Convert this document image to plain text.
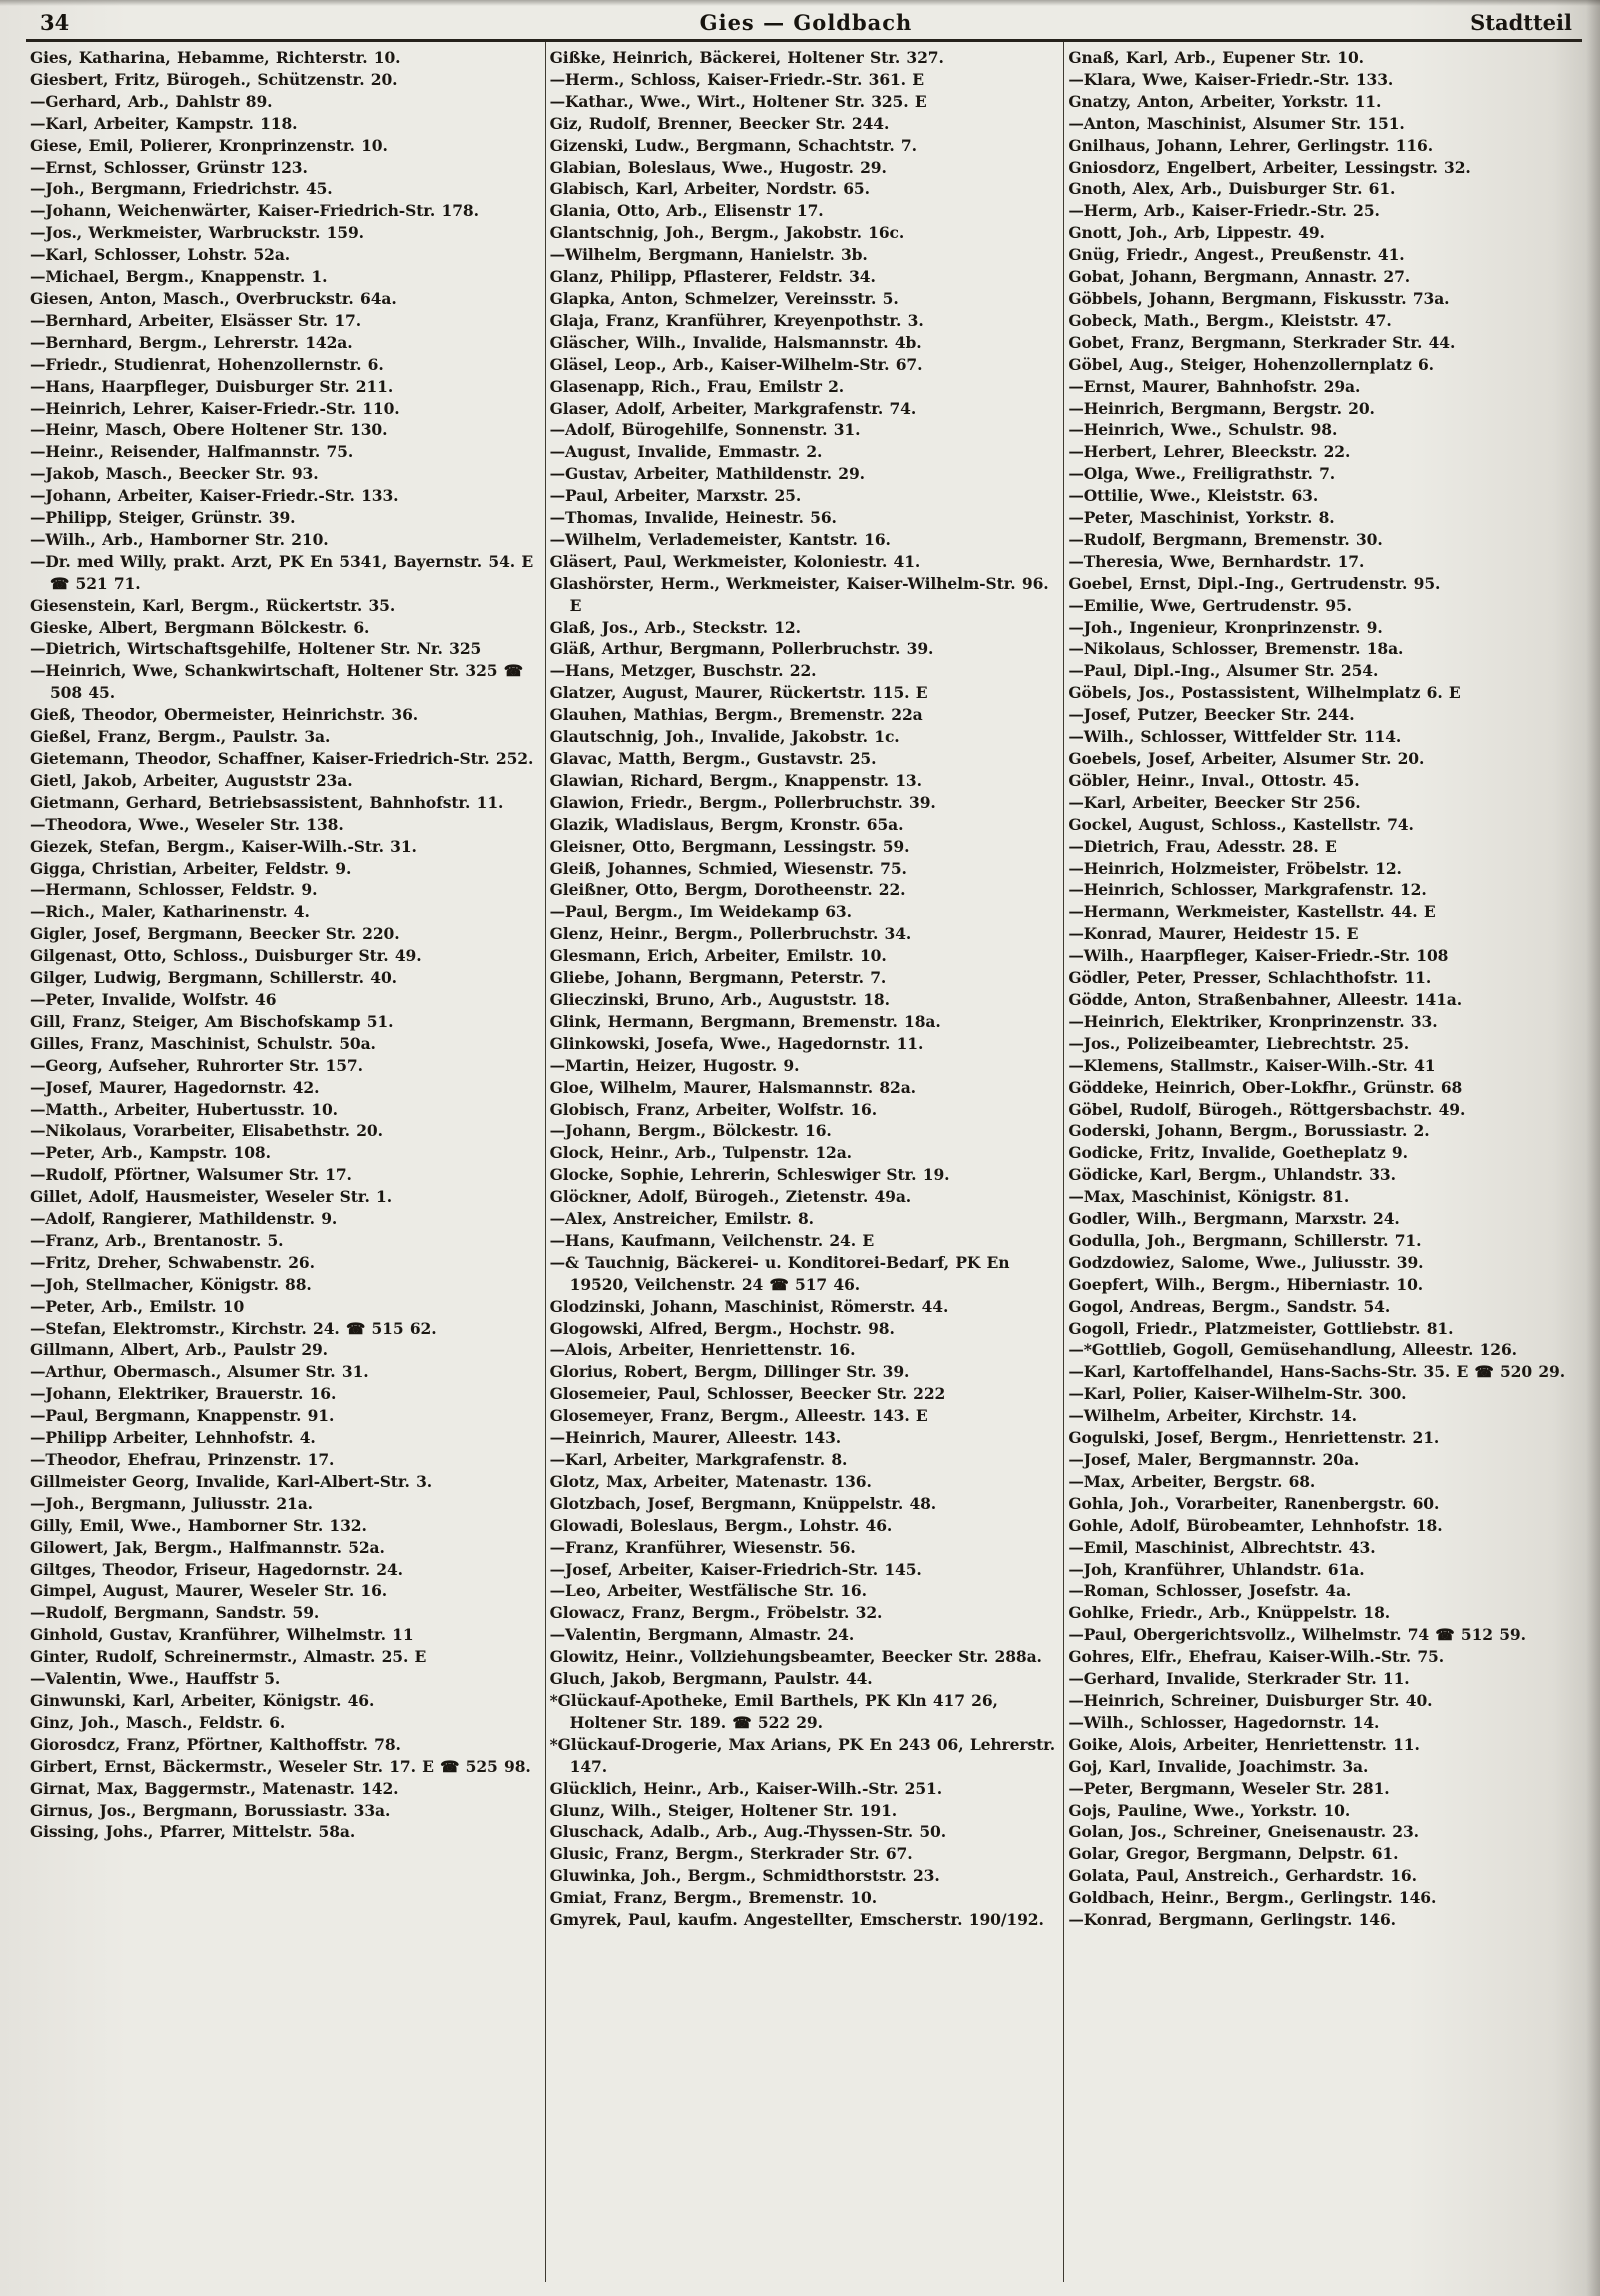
34	Gies — Goldbach	Stadtteil
Gies, Katharina, Hebamme, Richterstr. 10.
Giesbert, Fritz, Bürogeh., Schützenstr. 20.
—Gerhard, Arb., Dahlstr 89.
—Karl, Arbeiter, Kampstr. 118.
Giese, Emil, Polierer, Kronprinzenstr. 10.
—Ernst, Schlosser, Grünstr 123.
—Joh., Bergmann, Friedrichstr. 45.
—Johann, Weichenwärter, Kaiser-Friedrich-Str. 178.
—Jos., Werkmeister, Warbruckstr. 159.
—Karl, Schlosser, Lohstr. 52a.
—Michael, Bergm., Knappenstr. 1.
Giesen, Anton, Masch., Overbruckstr. 64a.
—Bernhard, Arbeiter, Elsässer Str. 17.
—Bernhard, Bergm., Lehrerstr. 142a.
—Friedr., Studienrat, Hohenzollernstr. 6.
—Hans, Haarpfleger, Duisburger Str. 211.
—Heinrich, Lehrer, Kaiser-Friedr.-Str. 110.
—Heinr, Masch, Obere Holtener Str. 130.
—Heinr., Reisender, Halfmannstr. 75.
—Jakob, Masch., Beecker Str. 93.
—Johann, Arbeiter, Kaiser-Friedr.-Str. 133.
—Philipp, Steiger, Grünstr. 39.
—Wilh., Arb., Hamborner Str. 210.
—Dr. med Willy, prakt. Arzt, PK En 5341, Bayernstr. 54. E ☎ 521 71.
Giesenstein, Karl, Bergm., Rückertstr. 35.
Gieske, Albert, Bergmann Bölckestr. 6.
—Dietrich, Wirtschaftsgehilfe, Holtener Str. Nr. 325
—Heinrich, Wwe, Schankwirtschaft, Holtener Str. 325 ☎ 508 45.
Gieß, Theodor, Obermeister, Heinrichstr. 36.
Gießel, Franz, Bergm., Paulstr. 3a.
Gietemann, Theodor, Schaffner, Kaiser-Friedrich-Str. 252.
Gietl, Jakob, Arbeiter, Auguststr 23a.
Gietmann, Gerhard, Betriebsassistent, Bahnhofstr. 11.
—Theodora, Wwe., Weseler Str. 138.
Giezek, Stefan, Bergm., Kaiser-Wilh.-Str. 31.
Gigga, Christian, Arbeiter, Feldstr. 9.
—Hermann, Schlosser, Feldstr. 9.
—Rich., Maler, Katharinenstr. 4.
Gigler, Josef, Bergmann, Beecker Str. 220.
Gilgenast, Otto, Schloss., Duisburger Str. 49.
Gilger, Ludwig, Bergmann, Schillerstr. 40.
—Peter, Invalide, Wolfstr. 46
Gill, Franz, Steiger, Am Bischofskamp 51.
Gilles, Franz, Maschinist, Schulstr. 50a.
—Georg, Aufseher, Ruhrorter Str. 157.
—Josef, Maurer, Hagedornstr. 42.
—Matth., Arbeiter, Hubertusstr. 10.
—Nikolaus, Vorarbeiter, Elisabethstr. 20.
—Peter, Arb., Kampstr. 108.
—Rudolf, Pförtner, Walsumer Str. 17.
Gillet, Adolf, Hausmeister, Weseler Str. 1.
—Adolf, Rangierer, Mathildenstr. 9.
—Franz, Arb., Brentanostr. 5.
—Fritz, Dreher, Schwabenstr. 26.
—Joh, Stellmacher, Königstr. 88.
—Peter, Arb., Emilstr. 10
—Stefan, Elektromstr., Kirchstr. 24. ☎ 515 62.
Gillmann, Albert, Arb., Paulstr 29.
—Arthur, Obermasch., Alsumer Str. 31.
—Johann, Elektriker, Brauerstr. 16.
—Paul, Bergmann, Knappenstr. 91.
—Philipp Arbeiter, Lehnhofstr. 4.
—Theodor, Ehefrau, Prinzenstr. 17.
Gillmeister Georg, Invalide, Karl-Albert-Str. 3.
—Joh., Bergmann, Juliusstr. 21a.
Gilly, Emil, Wwe., Hamborner Str. 132.
Gilowert, Jak, Bergm., Halfmannstr. 52a.
Giltges, Theodor, Friseur, Hagedornstr. 24.
Gimpel, August, Maurer, Weseler Str. 16.
—Rudolf, Bergmann, Sandstr. 59.
Ginhold, Gustav, Kranführer, Wilhelmstr. 11
Ginter, Rudolf, Schreinermstr., Almastr. 25. E
—Valentin, Wwe., Hauffstr 5.
Ginwunski, Karl, Arbeiter, Königstr. 46.
Ginz, Joh., Masch., Feldstr. 6.
Giorosdcz, Franz, Pförtner, Kalthoffstr. 78.
Girbert, Ernst, Bäckermstr., Weseler Str. 17. E ☎ 525 98.
Girnat, Max, Baggermstr., Matenastr. 142.
Girnus, Jos., Bergmann, Borussiastr. 33a.
Gissing, Johs., Pfarrer, Mittelstr. 58a.
Gißke, Heinrich, Bäckerei, Holtener Str. 327.
—Herm., Schloss, Kaiser-Friedr.-Str. 361. E
—Kathar., Wwe., Wirt., Holtener Str. 325. E
Giz, Rudolf, Brenner, Beecker Str. 244.
Gizenski, Ludw., Bergmann, Schachtstr. 7.
Glabian, Boleslaus, Wwe., Hugostr. 29.
Glabisch, Karl, Arbeiter, Nordstr. 65.
Glania, Otto, Arb., Elisenstr 17.
Glantschnig, Joh., Bergm., Jakobstr. 16c.
—Wilhelm, Bergmann, Hanielstr. 3b.
Glanz, Philipp, Pflasterer, Feldstr. 34.
Glapka, Anton, Schmelzer, Vereinsstr. 5.
Glaja, Franz, Kranführer, Kreyenpothstr. 3.
Gläscher, Wilh., Invalide, Halsmannstr. 4b.
Gläsel, Leop., Arb., Kaiser-Wilhelm-Str. 67.
Glasenapp, Rich., Frau, Emilstr 2.
Glaser, Adolf, Arbeiter, Markgrafenstr. 74.
—Adolf, Bürogehilfe, Sonnenstr. 31.
—August, Invalide, Emmastr. 2.
—Gustav, Arbeiter, Mathildenstr. 29.
—Paul, Arbeiter, Marxstr. 25.
—Thomas, Invalide, Heinestr. 56.
—Wilhelm, Verlademeister, Kantstr. 16.
Gläsert, Paul, Werkmeister, Koloniestr. 41.
Glashörster, Herm., Werkmeister, Kaiser-Wilhelm-Str. 96. E
Glaß, Jos., Arb., Steckstr. 12.
Gläß, Arthur, Bergmann, Pollerbruchstr. 39.
—Hans, Metzger, Buschstr. 22.
Glatzer, August, Maurer, Rückertstr. 115. E
Glauhen, Mathias, Bergm., Bremenstr. 22a
Glautschnig, Joh., Invalide, Jakobstr. 1c.
Glavac, Matth, Bergm., Gustavstr. 25.
Glawian, Richard, Bergm., Knappenstr. 13.
Glawion, Friedr., Bergm., Pollerbruchstr. 39.
Glazik, Wladislaus, Bergm, Kronstr. 65a.
Gleisner, Otto, Bergmann, Lessingstr. 59.
Gleiß, Johannes, Schmied, Wiesenstr. 75.
Gleißner, Otto, Bergm, Dorotheenstr. 22.
—Paul, Bergm., Im Weidekamp 63.
Glenz, Heinr., Bergm., Pollerbruchstr. 34.
Glesmann, Erich, Arbeiter, Emilstr. 10.
Gliebe, Johann, Bergmann, Peterstr. 7.
Glieczinski, Bruno, Arb., Auguststr. 18.
Glink, Hermann, Bergmann, Bremenstr. 18a.
Glinkowski, Josefa, Wwe., Hagedornstr. 11.
—Martin, Heizer, Hugostr. 9.
Gloe, Wilhelm, Maurer, Halsmannstr. 82a.
Globisch, Franz, Arbeiter, Wolfstr. 16.
—Johann, Bergm., Bölckestr. 16.
Glock, Heinr., Arb., Tulpenstr. 12a.
Glocke, Sophie, Lehrerin, Schleswiger Str. 19.
Glöckner, Adolf, Bürogeh., Zietenstr. 49a.
—Alex, Anstreicher, Emilstr. 8.
—Hans, Kaufmann, Veilchenstr. 24. E
—& Tauchnig, Bäckerei- u. Konditorei-Bedarf, PK En 19520, Veilchenstr. 24 ☎ 517 46.
Glodzinski, Johann, Maschinist, Römerstr. 44.
Glogowski, Alfred, Bergm., Hochstr. 98.
—Alois, Arbeiter, Henriettenstr. 16.
Glorius, Robert, Bergm, Dillinger Str. 39.
Glosemeier, Paul, Schlosser, Beecker Str. 222
Glosemeyer, Franz, Bergm., Alleestr. 143. E
—Heinrich, Maurer, Alleestr. 143.
—Karl, Arbeiter, Markgrafenstr. 8.
Glotz, Max, Arbeiter, Matenastr. 136.
Glotzbach, Josef, Bergmann, Knüppelstr. 48.
Glowadi, Boleslaus, Bergm., Lohstr. 46.
—Franz, Kranführer, Wiesenstr. 56.
—Josef, Arbeiter, Kaiser-Friedrich-Str. 145.
—Leo, Arbeiter, Westfälische Str. 16.
Glowacz, Franz, Bergm., Fröbelstr. 32.
—Valentin, Bergmann, Almastr. 24.
Glowitz, Heinr., Vollziehungsbeamter, Beecker Str. 288a.
Gluch, Jakob, Bergmann, Paulstr. 44.
*Glückauf-Apotheke, Emil Barthels, PK Kln 417 26, Holtener Str. 189. ☎ 522 29.
*Glückauf-Drogerie, Max Arians, PK En 243 06, Lehrerstr. 147.
Glücklich, Heinr., Arb., Kaiser-Wilh.-Str. 251.
Glunz, Wilh., Steiger, Holtener Str. 191.
Gluschack, Adalb., Arb., Aug.-Thyssen-Str. 50.
Glusic, Franz, Bergm., Sterkrader Str. 67.
Gluwinka, Joh., Bergm., Schmidthorststr. 23.
Gmiat, Franz, Bergm., Bremenstr. 10.
Gmyrek, Paul, kaufm. Angestellter, Emscherstr. 190/192.
Gnaß, Karl, Arb., Eupener Str. 10.
—Klara, Wwe, Kaiser-Friedr.-Str. 133.
Gnatzy, Anton, Arbeiter, Yorkstr. 11.
—Anton, Maschinist, Alsumer Str. 151.
Gnilhaus, Johann, Lehrer, Gerlingstr. 116.
Gniosdorz, Engelbert, Arbeiter, Lessingstr. 32.
Gnoth, Alex, Arb., Duisburger Str. 61.
—Herm, Arb., Kaiser-Friedr.-Str. 25.
Gnott, Joh., Arb, Lippestr. 49.
Gnüg, Friedr., Angest., Preußenstr. 41.
Gobat, Johann, Bergmann, Annastr. 27.
Göbbels, Johann, Bergmann, Fiskusstr. 73a.
Gobeck, Math., Bergm., Kleiststr. 47.
Gobet, Franz, Bergmann, Sterkrader Str. 44.
Göbel, Aug., Steiger, Hohenzollernplatz 6.
—Ernst, Maurer, Bahnhofstr. 29a.
—Heinrich, Bergmann, Bergstr. 20.
—Heinrich, Wwe., Schulstr. 98.
—Herbert, Lehrer, Bleeckstr. 22.
—Olga, Wwe., Freiligrathstr. 7.
—Ottilie, Wwe., Kleiststr. 63.
—Peter, Maschinist, Yorkstr. 8.
—Rudolf, Bergmann, Bremenstr. 30.
—Theresia, Wwe, Bernhardstr. 17.
Goebel, Ernst, Dipl.-Ing., Gertrudenstr. 95.
—Emilie, Wwe, Gertrudenstr. 95.
—Joh., Ingenieur, Kronprinzenstr. 9.
—Nikolaus, Schlosser, Bremenstr. 18a.
—Paul, Dipl.-Ing., Alsumer Str. 254.
Göbels, Jos., Postassistent, Wilhelmplatz 6. E
—Josef, Putzer, Beecker Str. 244.
—Wilh., Schlosser, Wittfelder Str. 114.
Goebels, Josef, Arbeiter, Alsumer Str. 20.
Göbler, Heinr., Inval., Ottostr. 45.
—Karl, Arbeiter, Beecker Str 256.
Gockel, August, Schloss., Kastellstr. 74.
—Dietrich, Frau, Adesstr. 28. E
—Heinrich, Holzmeister, Fröbelstr. 12.
—Heinrich, Schlosser, Markgrafenstr. 12.
—Hermann, Werkmeister, Kastellstr. 44. E
—Konrad, Maurer, Heidestr 15. E
—Wilh., Haarpfleger, Kaiser-Friedr.-Str. 108
Gödler, Peter, Presser, Schlachthofstr. 11.
Gödde, Anton, Straßenbahner, Alleestr. 141a.
—Heinrich, Elektriker, Kronprinzenstr. 33.
—Jos., Polizeibeamter, Liebrechtstr. 25.
—Klemens, Stallmstr., Kaiser-Wilh.-Str. 41
Göddeke, Heinrich, Ober-Lokfhr., Grünstr. 68
Göbel, Rudolf, Bürogeh., Röttgersbachstr. 49.
Goderski, Johann, Bergm., Borussiastr. 2.
Godicke, Fritz, Invalide, Goetheplatz 9.
Gödicke, Karl, Bergm., Uhlandstr. 33.
—Max, Maschinist, Königstr. 81.
Godler, Wilh., Bergmann, Marxstr. 24.
Godulla, Joh., Bergmann, Schillerstr. 71.
Godzdowiez, Salome, Wwe., Juliusstr. 39.
Goepfert, Wilh., Bergm., Hiberniastr. 10.
Gogol, Andreas, Bergm., Sandstr. 54.
Gogoll, Friedr., Platzmeister, Gottliebstr. 81.
—*Gottlieb, Gogoll, Gemüsehandlung, Alleestr. 126.
—Karl, Kartoffelhandel, Hans-Sachs-Str. 35. E ☎ 520 29.
—Karl, Polier, Kaiser-Wilhelm-Str. 300.
—Wilhelm, Arbeiter, Kirchstr. 14.
Gogulski, Josef, Bergm., Henriettenstr. 21.
—Josef, Maler, Bergmannstr. 20a.
—Max, Arbeiter, Bergstr. 68.
Gohla, Joh., Vorarbeiter, Ranenbergstr. 60.
Gohle, Adolf, Bürobeamter, Lehnhofstr. 18.
—Emil, Maschinist, Albrechtstr. 43.
—Joh, Kranführer, Uhlandstr. 61a.
—Roman, Schlosser, Josefstr. 4a.
Gohlke, Friedr., Arb., Knüppelstr. 18.
—Paul, Obergerichtsvollz., Wilhelmstr. 74 ☎ 512 59.
Gohres, Elfr., Ehefrau, Kaiser-Wilh.-Str. 75.
—Gerhard, Invalide, Sterkrader Str. 11.
—Heinrich, Schreiner, Duisburger Str. 40.
—Wilh., Schlosser, Hagedornstr. 14.
Goike, Alois, Arbeiter, Henriettenstr. 11.
Goj, Karl, Invalide, Joachimstr. 3a.
—Peter, Bergmann, Weseler Str. 281.
Gojs, Pauline, Wwe., Yorkstr. 10.
Golan, Jos., Schreiner, Gneisenaustr. 23.
Golar, Gregor, Bergmann, Delpstr. 61.
Golata, Paul, Anstreich., Gerhardstr. 16.
Goldbach, Heinr., Bergm., Gerlingstr. 146.
—Konrad, Bergmann, Gerlingstr. 146.
